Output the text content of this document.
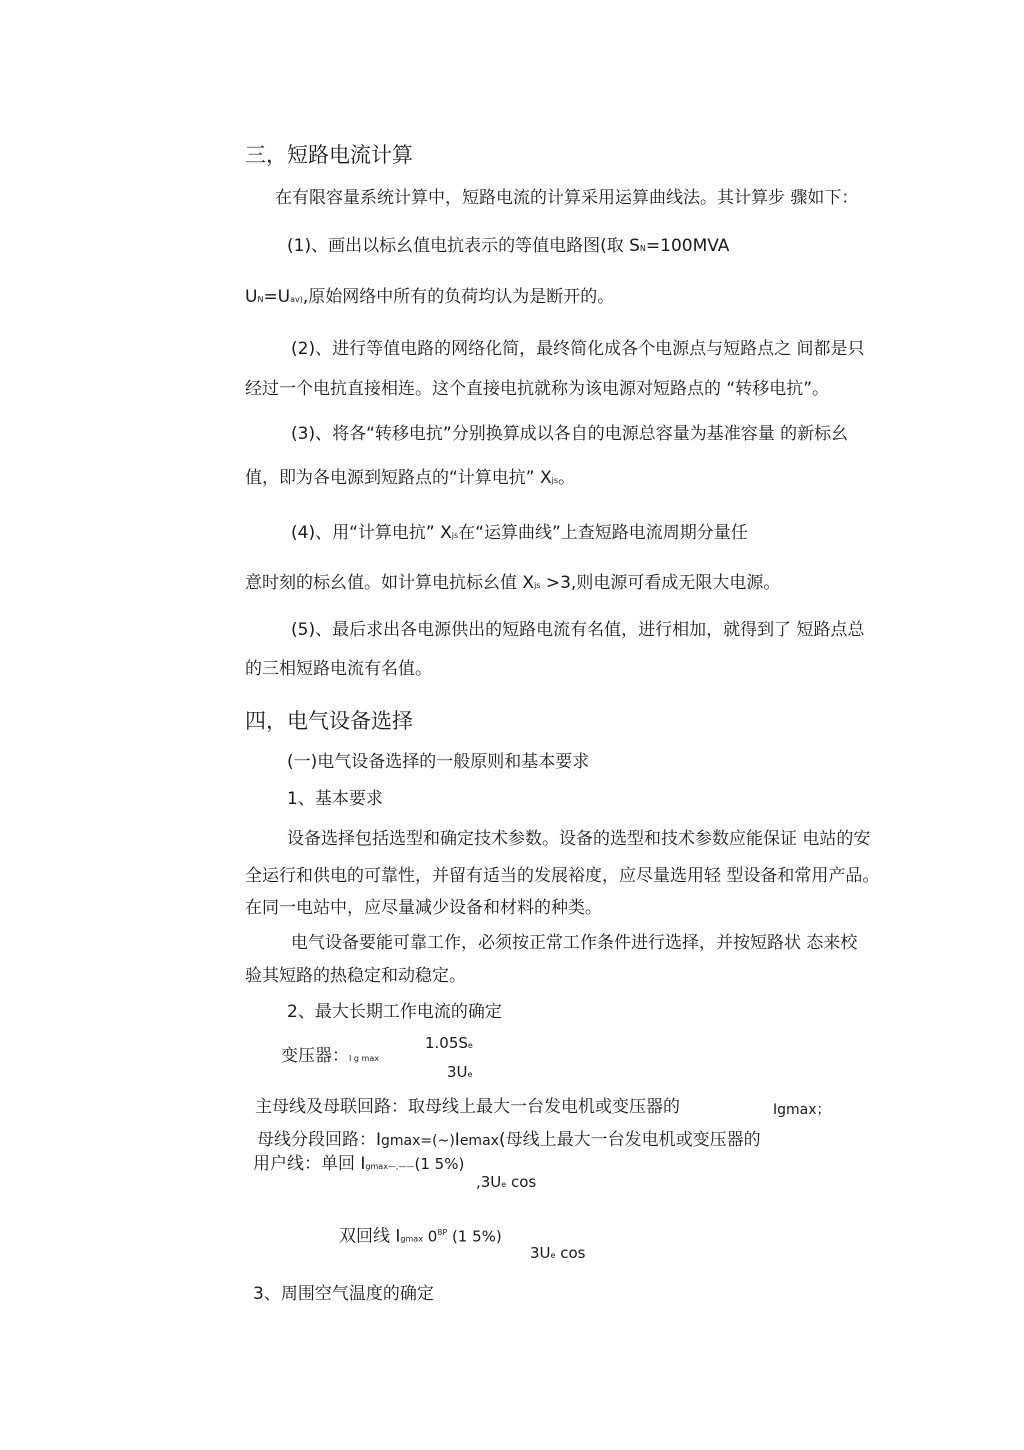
三，短路电流计算
在有限容量系统计算中，短路电流的计算采用运算曲线法。其计算步 骤如下：
(1)、画出以标幺值电抗表示的等值电路图(取 SN=100MVA
UN=Uav),原始网络中所有的负荷均认为是断开的。
(2)、进行等值电路的网络化简，最终简化成各个电源点与短路点之 间都是只
经过一个电抗直接相连。这个直接电抗就称为该电源对短路点的 “转移电抗”。
(3)、将各“转移电抗”分别换算成以各自的电源总容量为基准容量 的新标幺
值，即为各电源到短路点的“计算电抗” Xjs。
(4)、用“计算电抗” Xjs在“运算曲线”上查短路电流周期分量任
意时刻的标幺值。如计算电抗标幺值 Xjs >3,则电源可看成无限大电源。
(5)、最后求出各电源供出的短路电流有名值，进行相加，就得到了 短路点总
的三相短路电流有名值。
四，电气设备选择
(一)电气设备选择的一般原则和基本要求
1、基本要求
设备选择包括选型和确定技术参数。设备的选型和技术参数应能保证 电站的安
全运行和供电的可靠性，并留有适当的发展裕度，应尽量选用轻 型设备和常用产品。
在同一电站中，应尽量减少设备和材料的种类。
电气设备要能可靠工作，必须按正常工作条件进行选择，并按短路状 态来校
验其短路的热稳定和动稳定。
2、最大长期工作电流的确定
变压器：I g max
1.05Se
3Ue
主母线及母联回路：取母线上最大一台发电机或变压器的	Igmax；
母线分段回路：Igmax=(~)Iemax(母线上最大一台发电机或变压器的
用户线：单回 Igmax—,——(1 5%)
,3Ue cos
双回线 Igmax $0^{8P}$ (1 5%)
3Ue cos
3、周围空气温度的确定
